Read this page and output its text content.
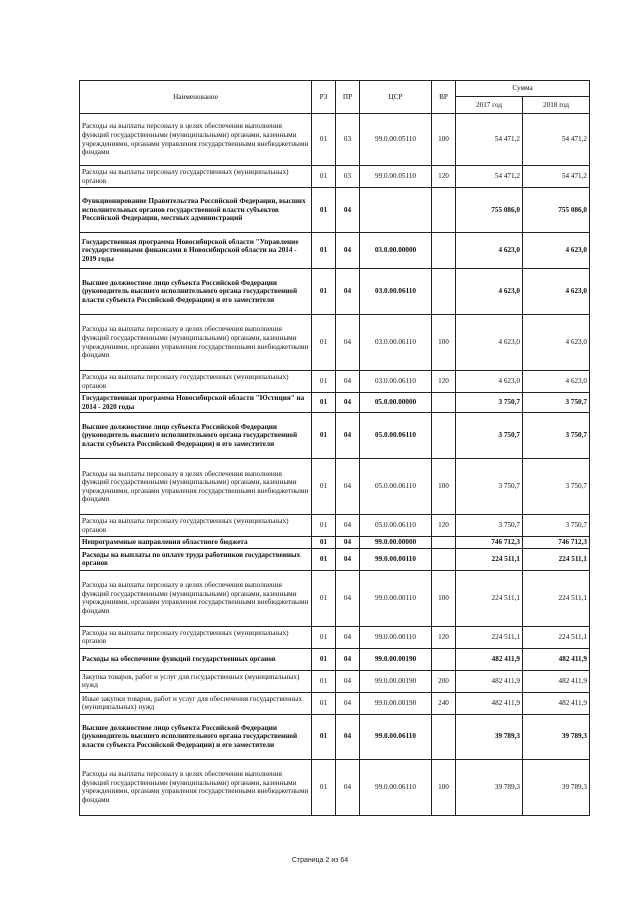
Наименование	РЗ	ПР	ЦСР	ВР	Сумма	
					2017 год	2018 год
Расходы на выплаты персоналу в целях обеспечения выполнения функций государственными (муниципальными) органами, казенными учреждениями, органами управления государственными внебюджетными фондами	01	03	99.0.00.05110	100	54 471,2	54 471,2
Расходы на выплаты персоналу государственных (муниципальных) органов	01	03	99.0.00.05110	120	54 471,2	54 471,2
Функционирование Правительства Российской Федерации, высших исполнительных органов государственной власти субъектов Российской Федерации, местных администраций	01	04			755 086,0	755 086,0
Государственная программа Новосибирской области "Управление государственными финансами в Новосибирской области на 2014 - 2019 годы	01	04	03.0.00.00000		4 623,0	4 623,0
Высшее должностное лицо субъекта Российской Федерации (руководитель высшего исполнительного органа государственной власти субъекта Российской Федерации) и его заместители	01	04	03.0.00.06110		4 623,0	4 623,0
Расходы на выплаты персоналу в целях обеспечения выполнения функций государственными (муниципальными) органами, казенными учреждениями, органами управления государственными внебюджетными фондами	01	04	03.0.00.06110	100	4 623,0	4 623,0
Расходы на выплаты персоналу государственных (муниципальных) органов	01	04	03.0.00.06110	120	4 623,0	4 623,0
Государственная программа Новосибирской области "Юстиция" на 2014 - 2020 годы	01	04	05.0.00.00000		3 750,7	3 750,7
Высшее должностное лицо субъекта Российской Федерации (руководитель высшего исполнительного органа государственной власти субъекта Российской Федерации) и его заместители	01	04	05.0.00.06110		3 750,7	3 750,7
Расходы на выплаты персоналу в целях обеспечения выполнения функций государственными (муниципальными) органами, казенными учреждениями, органами управления государственными внебюджетными фондами	01	04	05.0.00.06110	100	3 750,7	3 750,7
Расходы на выплаты персоналу государственных (муниципальных) органов	01	04	05.0.00.06110	120	3 750,7	3 750,7
Непрограммные направления областного бюджета	01	04	99.0.00.00000		746 712,3	746 712,3
Расходы на выплаты по оплате труда работников государственных органов	01	04	99.0.00.00110		224 511,1	224 511,1
Расходы на выплаты персоналу в целях обеспечения выполнения функций государственными (муниципальными) органами, казенными учреждениями, органами управления государственными внебюджетными фондами	01	04	99.0.00.00110	100	224 511,1	224 511,1
Расходы на выплаты персоналу государственных (муниципальных) органов	01	04	99.0.00.00110	120	224 511,1	224 511,1
Расходы на обеспечение функций государственных органов	01	04	99.0.00.00190		482 411,9	482 411,9
Закупка товаров, работ и услуг для государственных (муниципальных) нужд	01	04	99.0.00.00190	200	482 411,9	482 411,9
Иные закупки товаров, работ и услуг для обеспечения государственных (муниципальных) нужд	01	04	99.0.00.00190	240	482 411,9	482 411,9
Высшее должностное лицо субъекта Российской Федерации (руководитель высшего исполнительного органа государственной власти субъекта Российской Федерации) и его заместители	01	04	99.0.00.06110		39 789,3	39 789,3
Расходы на выплаты персоналу в целях обеспечения выполнения функций государственными (муниципальными) органами, казенными учреждениями, органами управления государственными внебюджетными фондами	01	04	99.0.00.06110	100	39 789,3	39 789,3
Страница 2 из 64
